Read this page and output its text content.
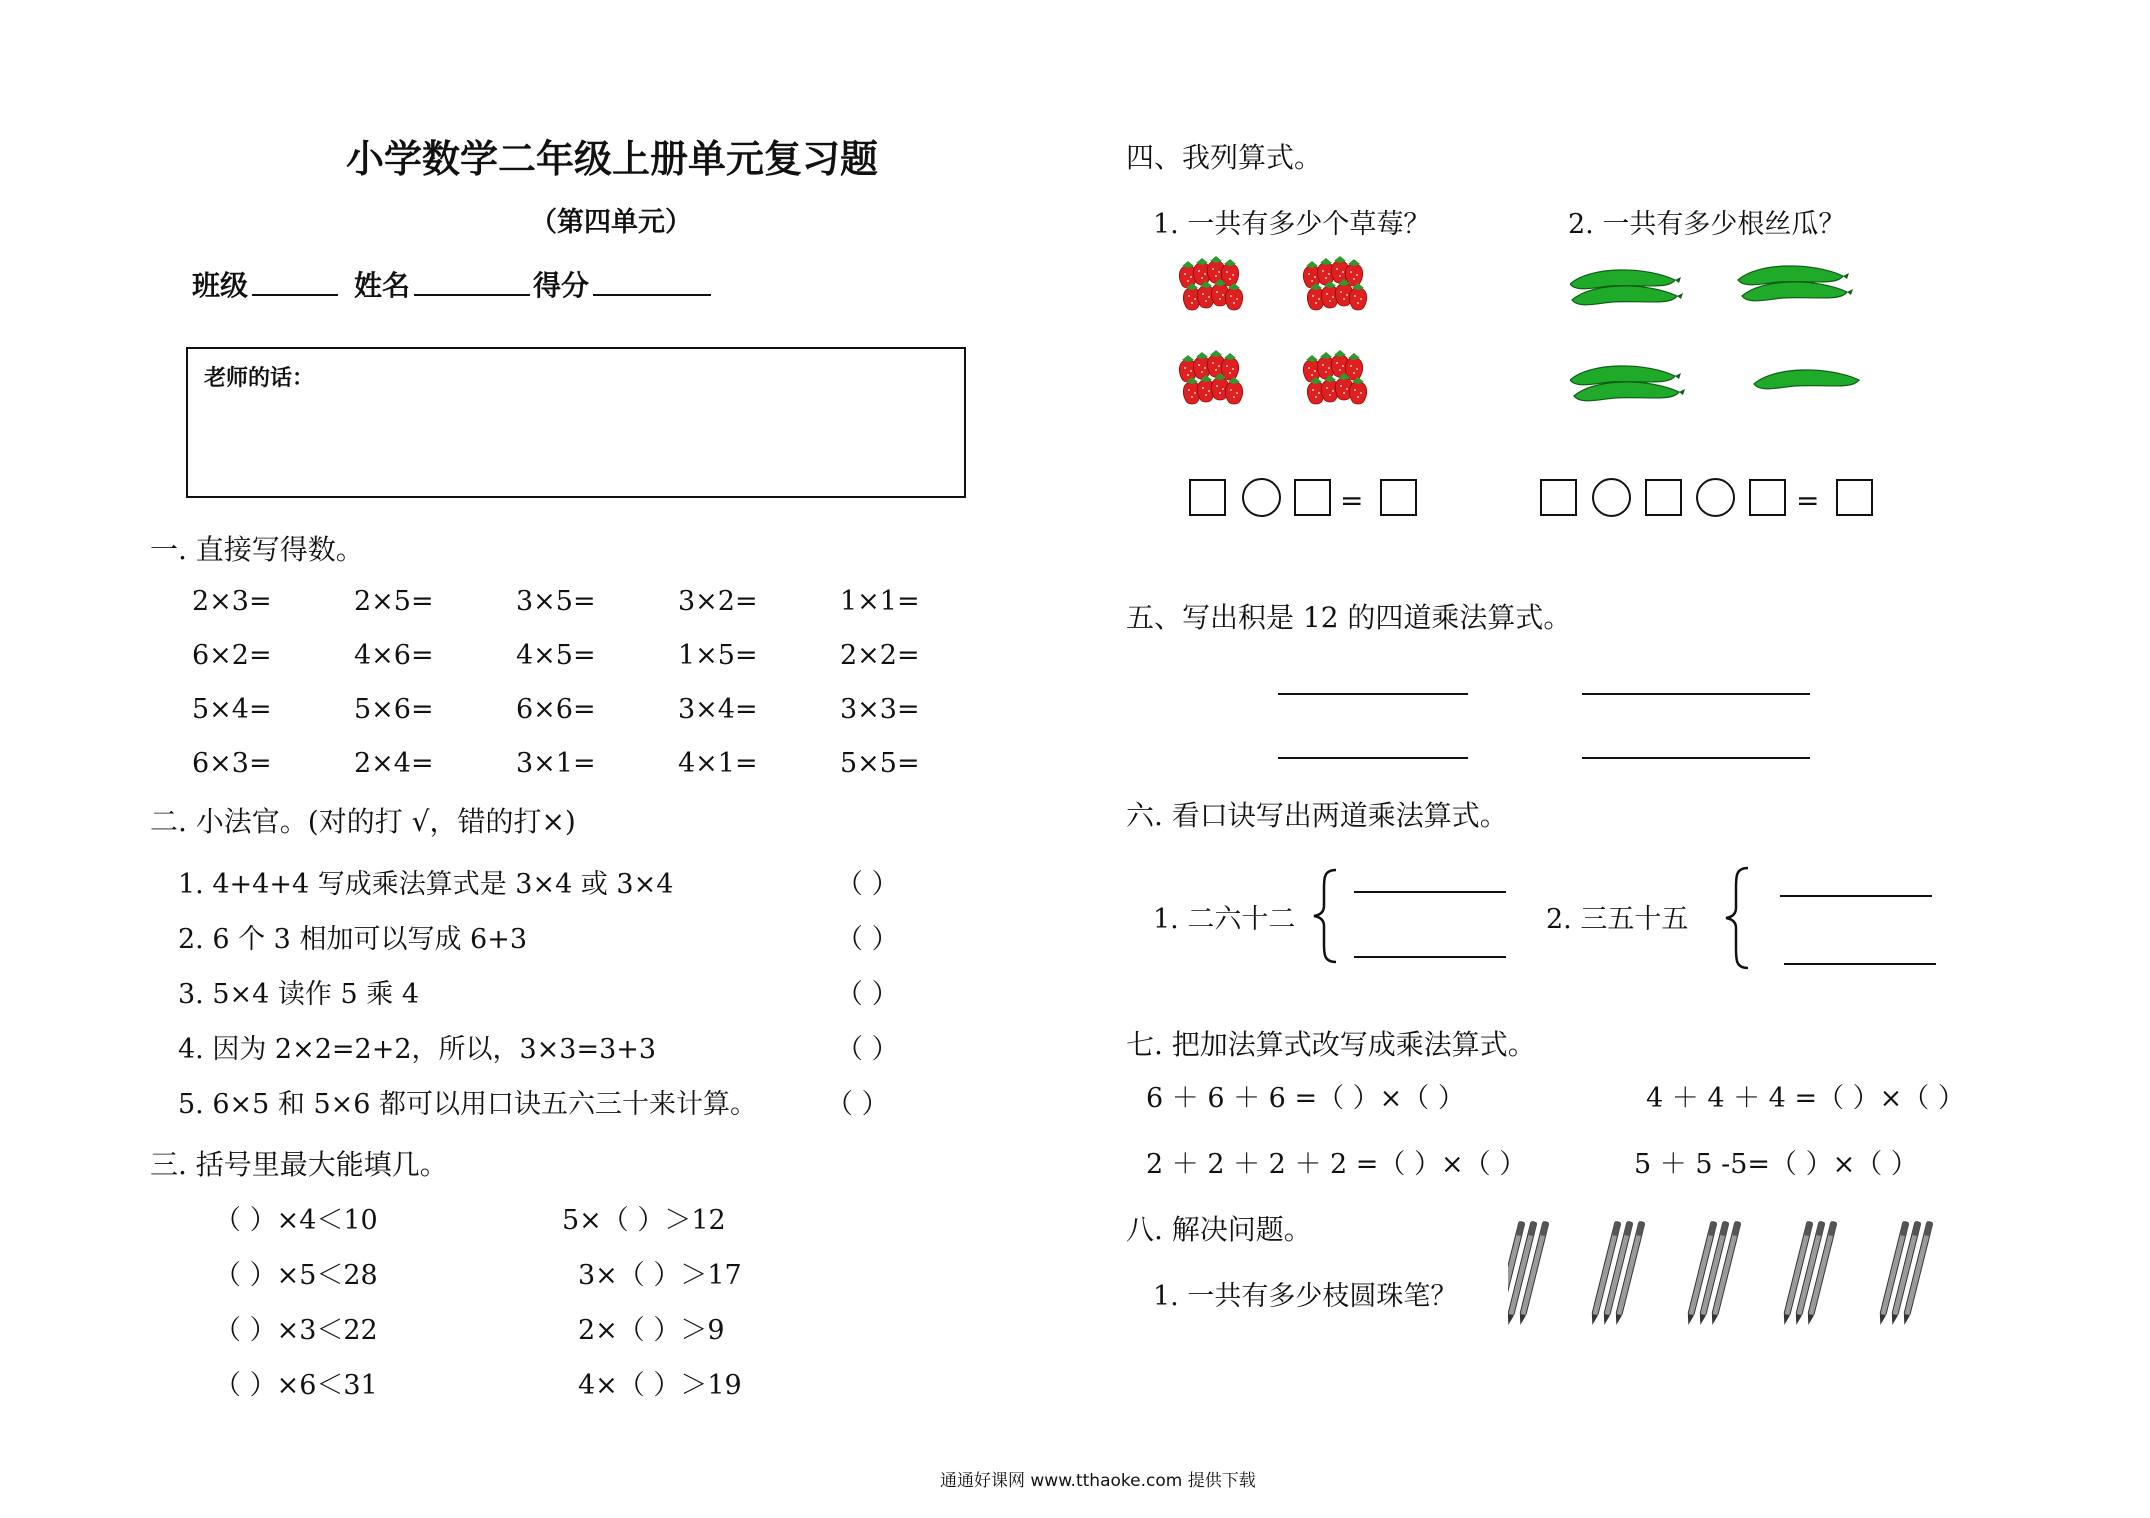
小学数学二年级上册单元复习题
（第四单元）
班级	姓名	得分
老师的话：
一. 直接写得数。
2×3=	2×5=	3×5=	3×2=	1×1=
6×2=	4×6=	4×5=	1×5=	2×2=
5×4=	5×6=	6×6=	3×4=	3×3=
6×3=	2×4=	3×1=	4×1=	5×5=
二. 小法官。(对的打 √，错的打×)
1. 4+4+4 写成乘法算式是 3×4 或 3×4	（ ）
2. 6 个 3 相加可以写成 6+3	（ ）
3. 5×4 读作 5 乘 4	（ ）
4. 因为 2×2=2+2，所以，3×3=3+3	（ ）
5. 6×5 和 5×6 都可以用口诀五六三十来计算。	（ ）
三. 括号里最大能填几。
（ ）×4＜10	5×（ ）＞12
（ ）×5＜28	3×（ ）＞17
（ ）×3＜22	2×（ ）＞9
（ ）×6＜31	4×（ ）＞19
四、我列算式。
1. 一共有多少个草莓？	2. 一共有多少根丝瓜？
=	=
五、写出积是 12 的四道乘法算式。
六. 看口诀写出两道乘法算式。
1. 二六十二	2. 三五十五
七. 把加法算式改写成乘法算式。
6 ＋ 6 ＋ 6 =（ ）×（ ）	4 ＋ 4 ＋ 4 =（ ）×（ ）
2 ＋ 2 ＋ 2 ＋ 2 =（ ）×（ ）	5 ＋ 5 -5=（ ）×（ ）
八. 解决问题。
1. 一共有多少枝圆珠笔？
通通好课网 www.tthaoke.com 提供下载
